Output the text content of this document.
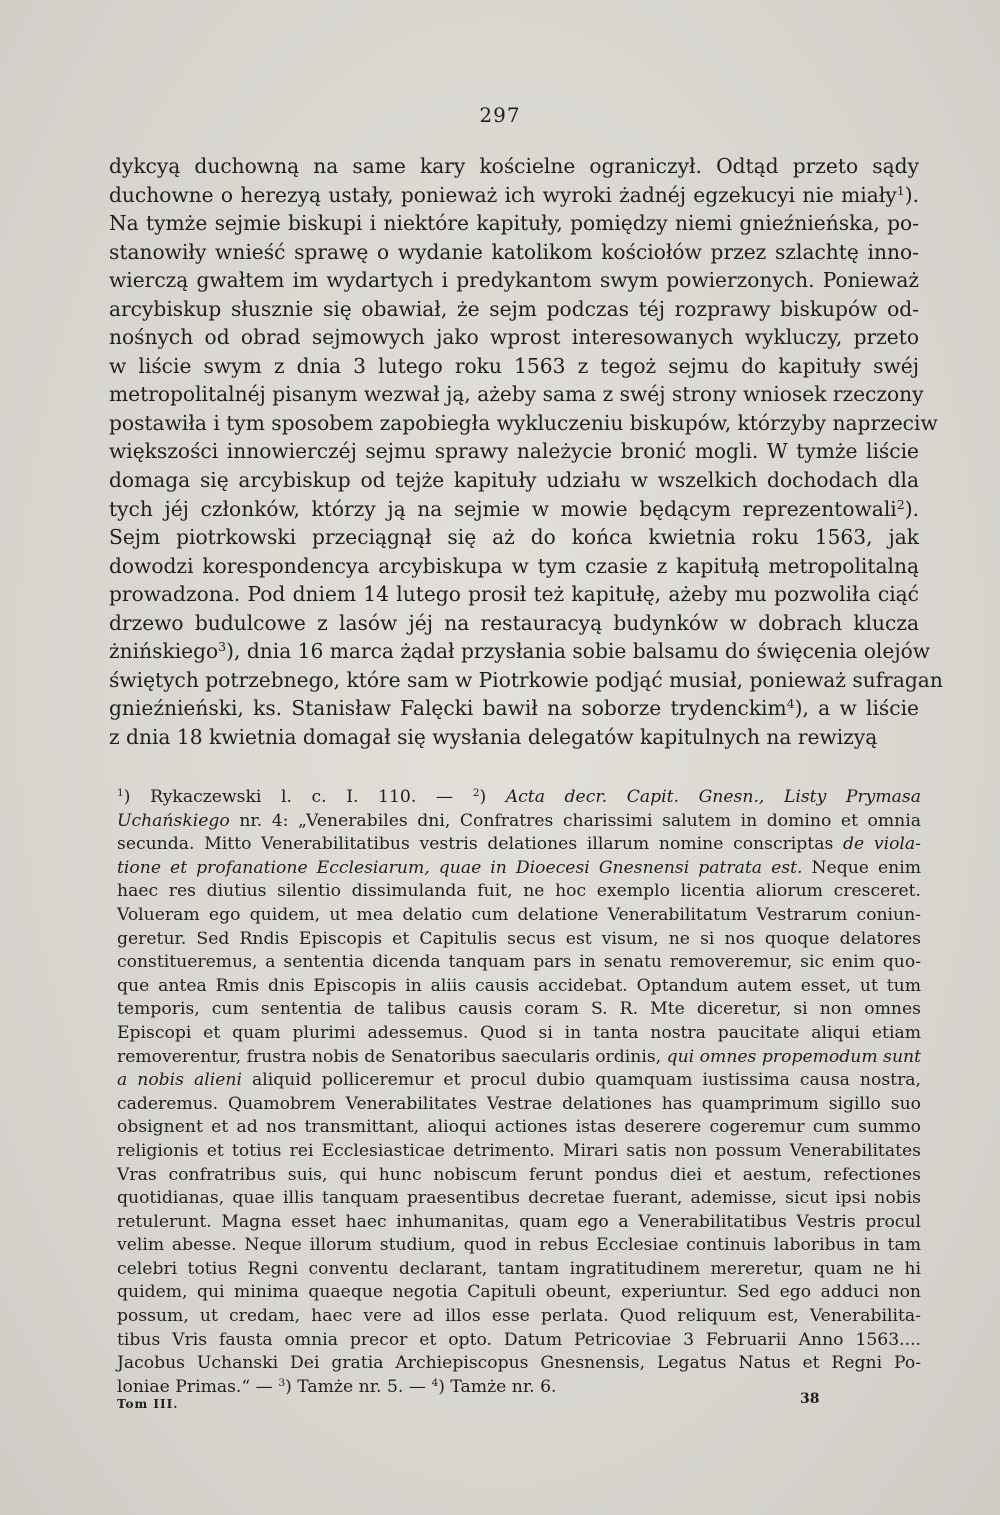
297
dykcyą duchowną na same kary kościelne ograniczył. Odtąd przeto sądy
duchowne o herezyą ustały, ponieważ ich wyroki żadnéj egzekucyi nie miały$^1$).
Na tymże sejmie biskupi i niektóre kapituły, pomiędzy niemi gnieźnieńska, po-
stanowiły wnieść sprawę o wydanie katolikom kościołów przez szlachtę inno-
wierczą gwałtem im wydartych i predykantom swym powierzonych. Ponieważ
arcybiskup słusznie się obawiał, że sejm podczas téj rozprawy biskupów od-
nośnych od obrad sejmowych jako wprost interesowanych wykluczy, przeto
w liście swym z dnia 3 lutego roku 1563 z tegoż sejmu do kapituły swéj
metropolitalnéj pisanym wezwał ją, ażeby sama z swéj strony wniosek rzeczony
postawiła i tym sposobem zapobiegła wykluczeniu biskupów, którzyby naprzeciw
większości innowierczéj sejmu sprawy należycie bronić mogli. W tymże liście
domaga się arcybiskup od tejże kapituły udziału w wszelkich dochodach dla
tych jéj członków, którzy ją na sejmie w mowie będącym reprezentowali$^2$).
Sejm piotrkowski przeciągnął się aż do końca kwietnia roku 1563, jak
dowodzi korespondencya arcybiskupa w tym czasie z kapitułą metropolitalną
prowadzona. Pod dniem 14 lutego prosił też kapitułę, ażeby mu pozwoliła ciąć
drzewo budulcowe z lasów jéj na restauracyą budynków w dobrach klucza
żnińskiego$^3$), dnia 16 marca żądał przysłania sobie balsamu do święcenia olejów
świętych potrzebnego, które sam w Piotrkowie podjąć musiał, ponieważ sufragan
gnieźnieński, ks. Stanisław Falęcki bawił na soborze trydenckim$^4$), a w liście
z dnia 18 kwietnia domagał się wysłania delegatów kapitulnych na rewizyą
$^1$) Rykaczewski l. c. I. 110. — $^2$) Acta decr. Capit. Gnesn., Listy Prymasa
Uchańskiego nr. 4: „Venerabiles dni, Confratres charissimi salutem in domino et omnia
secunda. Mitto Venerabilitatibus vestris delationes illarum nomine conscriptas de viola-
tione et profanatione Ecclesiarum, quae in Dioecesi Gnesnensi patrata est. Neque enim
haec res diutius silentio dissimulanda fuit, ne hoc exemplo licentia aliorum cresceret.
Volueram ego quidem, ut mea delatio cum delatione Venerabilitatum Vestrarum coniun-
geretur. Sed Rndis Episcopis et Capitulis secus est visum, ne si nos quoque delatores
constitueremus, a sententia dicenda tanquam pars in senatu removeremur, sic enim quo-
que antea Rmis dnis Episcopis in aliis causis accidebat. Optandum autem esset, ut tum
temporis, cum sententia de talibus causis coram S. R. Mte diceretur, si non omnes
Episcopi et quam plurimi adessemus. Quod si in tanta nostra paucitate aliqui etiam
removerentur, frustra nobis de Senatoribus saecularis ordinis, qui omnes propemodum sunt
a nobis alieni aliquid polliceremur et procul dubio quamquam iustissima causa nostra,
caderemus. Quamobrem Venerabilitates Vestrae delationes has quamprimum sigillo suo
obsignent et ad nos transmittant, alioqui actiones istas deserere cogeremur cum summo
religionis et totius rei Ecclesiasticae detrimento. Mirari satis non possum Venerabilitates
Vras confratribus suis, qui hunc nobiscum ferunt pondus diei et aestum, refectiones
quotidianas, quae illis tanquam praesentibus decretae fuerant, ademisse, sicut ipsi nobis
retulerunt. Magna esset haec inhumanitas, quam ego a Venerabilitatibus Vestris procul
velim abesse. Neque illorum studium, quod in rebus Ecclesiae continuis laboribus in tam
celebri totius Regni conventu declarant, tantam ingratitudinem mereretur, quam ne hi
quidem, qui minima quaeque negotia Capituli obeunt, experiuntur. Sed ego adduci non
possum, ut credam, haec vere ad illos esse perlata. Quod reliquum est, Venerabilita-
tibus Vris fausta omnia precor et opto. Datum Petricoviae 3 Februarii Anno 1563....
Jacobus Uchanski Dei gratia Archiepiscopus Gnesnensis, Legatus Natus et Regni Po-
loniae Primas.“ — $^3$) Tamże nr. 5. — $^4$) Tamże nr. 6.
Tom III.	38
